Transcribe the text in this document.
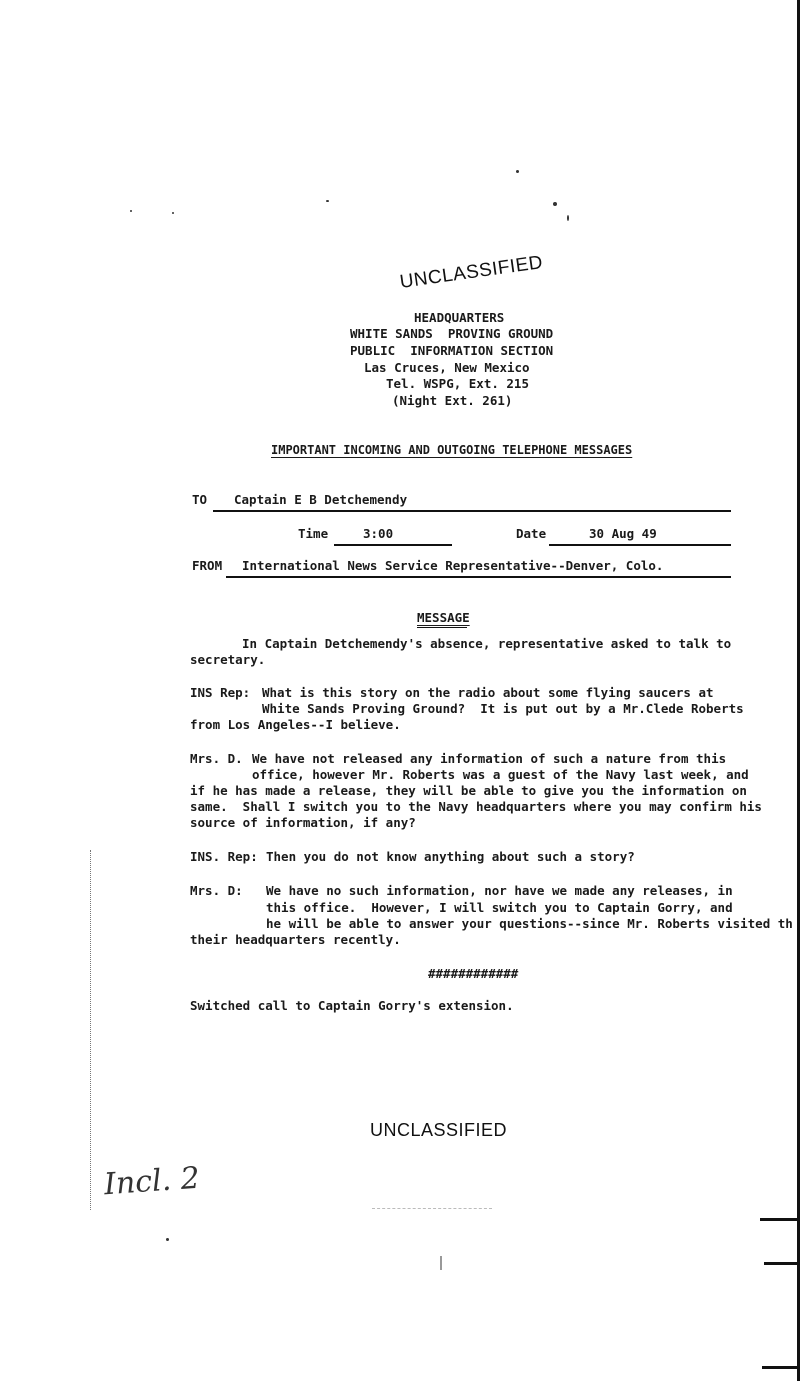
UNCLASSIFIED
HEADQUARTERS
WHITE SANDS  PROVING GROUND
PUBLIC  INFORMATION SECTION
Las Cruces, New Mexico
Tel. WSPG, Ext. 215
(Night Ext. 261)
IMPORTANT INCOMING AND OUTGOING TELEPHONE MESSAGES
TO Captain E B Detchemendy
Time	3:00	Date	30 Aug 49
FROM International News Service Representative--Denver, Colo.
MESSAGE
In Captain Detchemendy's absence, representative asked to talk to
secretary.
INS Rep: What is this story on the radio about some flying saucers at
White Sands Proving Ground?  It is put out by a Mr.Clede Roberts
from Los Angeles--I believe.
Mrs. D. We have not released any information of such a nature from this
office, however Mr. Roberts was a guest of the Navy last week, and
if he has made a release, they will be able to give you the information on
same.  Shall I switch you to the Navy headquarters where you may confirm his
source of information, if any?
INS. Rep: Then you do not know anything about such a story?
Mrs. D: We have no such information, nor have we made any releases, in
this office.  However, I will switch you to Captain Gorry, and
he will be able to answer your questions--since Mr. Roberts visited th
their headquarters recently.
############
Switched call to Captain Gorry's extension.
UNCLASSIFIED
Incl. 2
